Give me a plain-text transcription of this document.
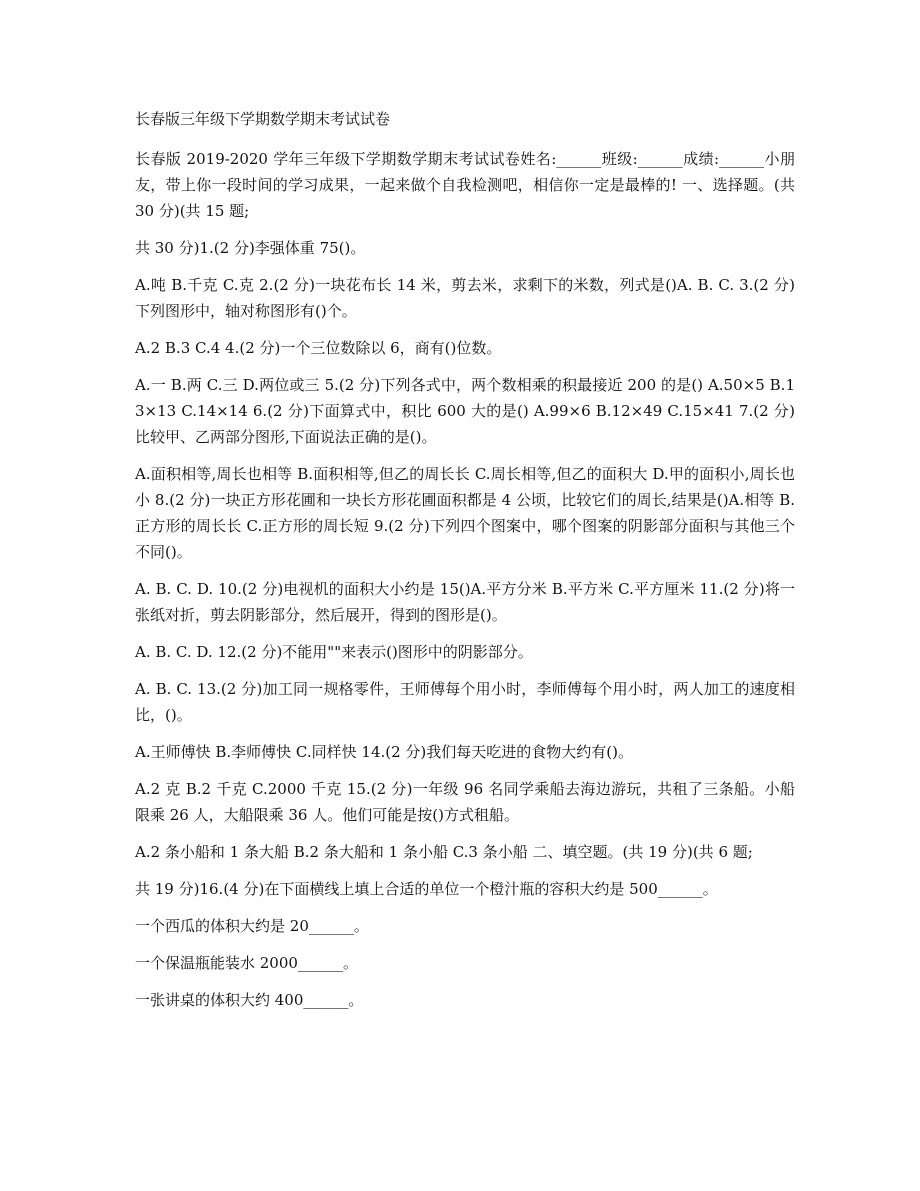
长春版三年级下学期数学期末考试试卷

长春版 2019-2020 学年三年级下学期数学期末考试试卷姓名:______班级:______成绩:______小朋友，带上你一段时间的学习成果，一起来做个自我检测吧，相信你一定是最棒的! 一、选择题。(共 30 分)(共 15 题;

共 30 分)1.(2 分)李强体重 75()。

A.吨 B.千克 C.克 2.(2 分)一块花布长 14 米，剪去米，求剩下的米数，列式是()A. B. C. 3.(2 分)下列图形中，轴对称图形有()个。

A.2 B.3 C.4 4.(2 分)一个三位数除以 6，商有()位数。

A.一 B.两 C.三 D.两位或三 5.(2 分)下列各式中，两个数相乘的积最接近 200 的是() A.50×5 B.13×13 C.14×14 6.(2 分)下面算式中，积比 600 大的是() A.99×6 B.12×49 C.15×41 7.(2 分)比较甲、乙两部分图形,下面说法正确的是()。

A.面积相等,周长也相等 B.面积相等,但乙的周长长 C.周长相等,但乙的面积大 D.甲的面积小,周长也小 8.(2 分)一块正方形花圃和一块长方形花圃面积都是 4 公顷，比较它们的周长,结果是()A.相等 B.正方形的周长长 C.正方形的周长短 9.(2 分)下列四个图案中，哪个图案的阴影部分面积与其他三个不同()。

A. B. C. D. 10.(2 分)电视机的面积大小约是 15()A.平方分米 B.平方米 C.平方厘米 11.(2 分)将一张纸对折，剪去阴影部分，然后展开，得到的图形是()。

A. B. C. D. 12.(2 分)不能用""来表示()图形中的阴影部分。

A. B. C. 13.(2 分)加工同一规格零件，王师傅每个用小时，李师傅每个用小时，两人加工的速度相比，()。

A.王师傅快 B.李师傅快 C.同样快 14.(2 分)我们每天吃进的食物大约有()。

A.2 克 B.2 千克 C.2000 千克 15.(2 分)一年级 96 名同学乘船去海边游玩，共租了三条船。小船限乘 26 人，大船限乘 36 人。他们可能是按()方式租船。

A.2 条小船和 1 条大船 B.2 条大船和 1 条小船 C.3 条小船 二、填空题。(共 19 分)(共 6 题;

共 19 分)16.(4 分)在下面横线上填上合适的单位一个橙汁瓶的容积大约是 500______。

一个西瓜的体积大约是 20______。

一个保温瓶能装水 2000______。

一张讲桌的体积大约 400______。
